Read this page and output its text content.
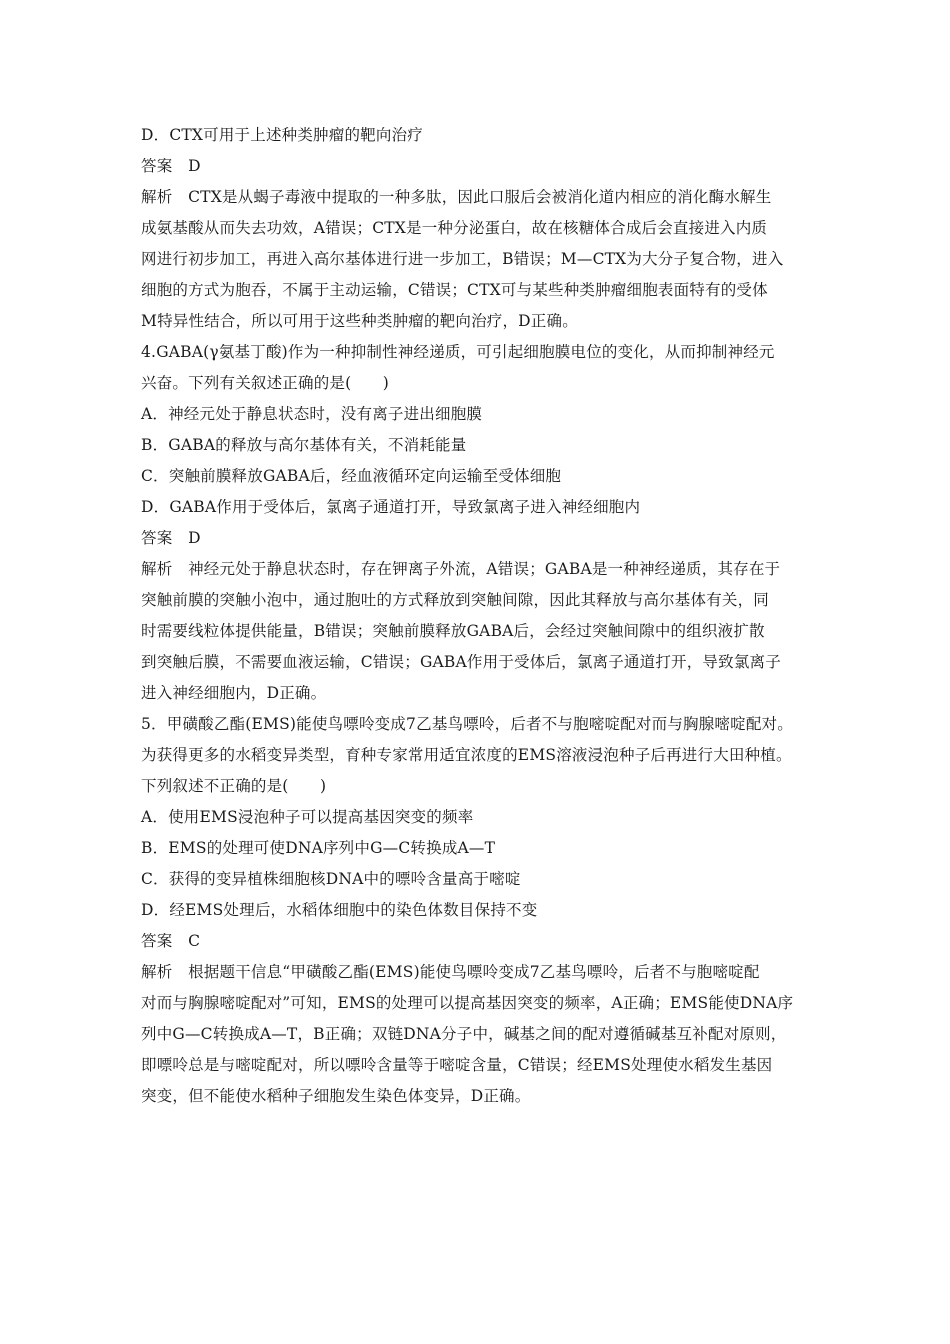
D．CTX可用于上述种类肿瘤的靶向治疗
答案　D
解析　CTX是从蝎子毒液中提取的一种多肽，因此口服后会被消化道内相应的消化酶水解生
成氨基酸从而失去功效，A错误；CTX是一种分泌蛋白，故在核糖体合成后会直接进入内质
网进行初步加工，再进入高尔基体进行进一步加工，B错误；M—CTX为大分子复合物，进入
细胞的方式为胞吞，不属于主动运输，C错误；CTX可与某些种类肿瘤细胞表面特有的受体
M特异性结合，所以可用于这些种类肿瘤的靶向治疗，D正确。
4.GABA(γ氨基丁酸)作为一种抑制性神经递质，可引起细胞膜电位的变化，从而抑制神经元
兴奋。下列有关叙述正确的是(　　)
A．神经元处于静息状态时，没有离子进出细胞膜
B．GABA的释放与高尔基体有关，不消耗能量
C．突触前膜释放GABA后，经血液循环定向运输至受体细胞
D．GABA作用于受体后，氯离子通道打开，导致氯离子进入神经细胞内
答案　D
解析　神经元处于静息状态时，存在钾离子外流，A错误；GABA是一种神经递质，其存在于
突触前膜的突触小泡中，通过胞吐的方式释放到突触间隙，因此其释放与高尔基体有关，同
时需要线粒体提供能量，B错误；突触前膜释放GABA后，会经过突触间隙中的组织液扩散
到突触后膜，不需要血液运输，C错误；GABA作用于受体后，氯离子通道打开，导致氯离子
进入神经细胞内，D正确。
5．甲磺酸乙酯(EMS)能使鸟嘌呤变成7乙基鸟嘌呤，后者不与胞嘧啶配对而与胸腺嘧啶配对。
为获得更多的水稻变异类型，育种专家常用适宜浓度的EMS溶液浸泡种子后再进行大田种植。
下列叙述不正确的是(　　)
A．使用EMS浸泡种子可以提高基因突变的频率
B．EMS的处理可使DNA序列中G—C转换成A—T
C．获得的变异植株细胞核DNA中的嘌呤含量高于嘧啶
D．经EMS处理后，水稻体细胞中的染色体数目保持不变
答案　C
解析　根据题干信息“甲磺酸乙酯(EMS)能使鸟嘌呤变成7乙基鸟嘌呤，后者不与胞嘧啶配
对而与胸腺嘧啶配对”可知，EMS的处理可以提高基因突变的频率，A正确；EMS能使DNA序
列中G—C转换成A—T，B正确；双链DNA分子中，碱基之间的配对遵循碱基互补配对原则，
即嘌呤总是与嘧啶配对，所以嘌呤含量等于嘧啶含量，C错误；经EMS处理使水稻发生基因
突变，但不能使水稻种子细胞发生染色体变异，D正确。
